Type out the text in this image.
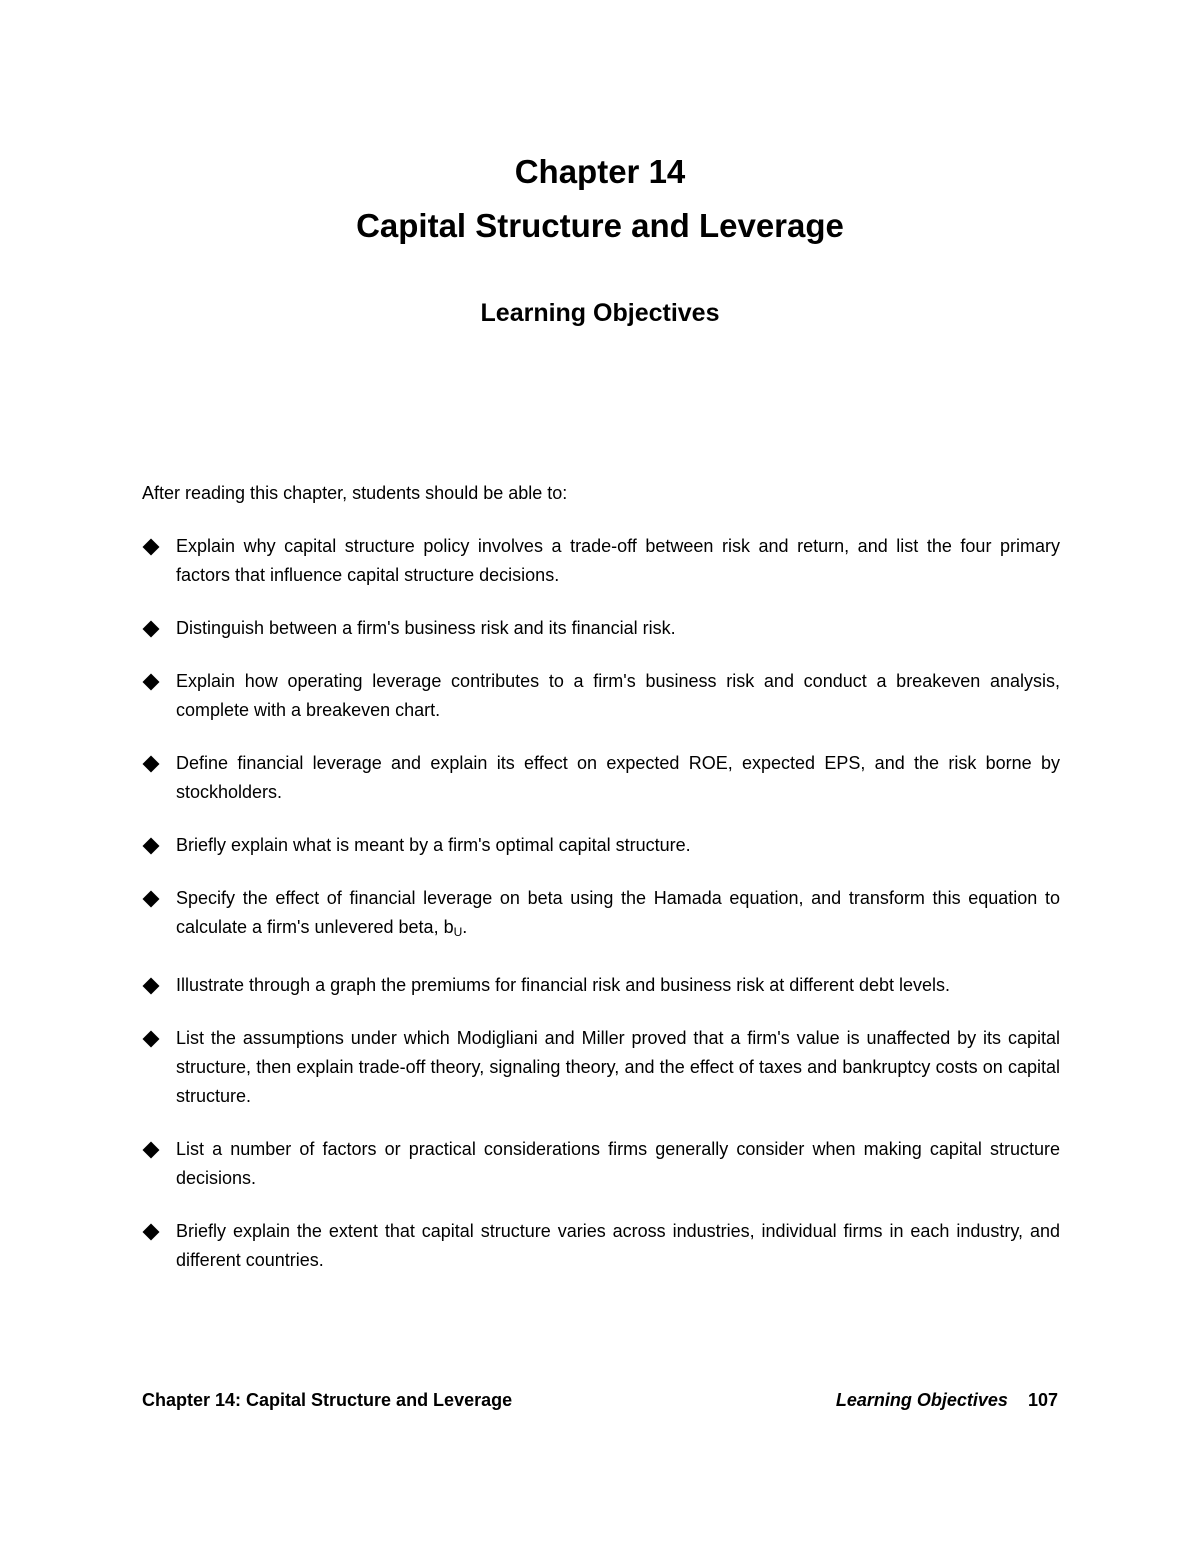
Chapter 14
Capital Structure and Leverage
Learning Objectives
After reading this chapter, students should be able to:
Explain why capital structure policy involves a trade-off between risk and return, and list the four primary factors that influence capital structure decisions.
Distinguish between a firm's business risk and its financial risk.
Explain how operating leverage contributes to a firm's business risk and conduct a breakeven analysis, complete with a breakeven chart.
Define financial leverage and explain its effect on expected ROE, expected EPS, and the risk borne by stockholders.
Briefly explain what is meant by a firm's optimal capital structure.
Specify the effect of financial leverage on beta using the Hamada equation, and transform this equation to calculate a firm's unlevered beta, $b_U$.
Illustrate through a graph the premiums for financial risk and business risk at different debt levels.
List the assumptions under which Modigliani and Miller proved that a firm's value is unaffected by its capital structure, then explain trade-off theory, signaling theory, and the effect of taxes and bankruptcy costs on capital structure.
List a number of factors or practical considerations firms generally consider when making capital structure decisions.
Briefly explain the extent that capital structure varies across industries, individual firms in each industry, and different countries.
Chapter 14: Capital Structure and Leverage	Learning Objectives 107
